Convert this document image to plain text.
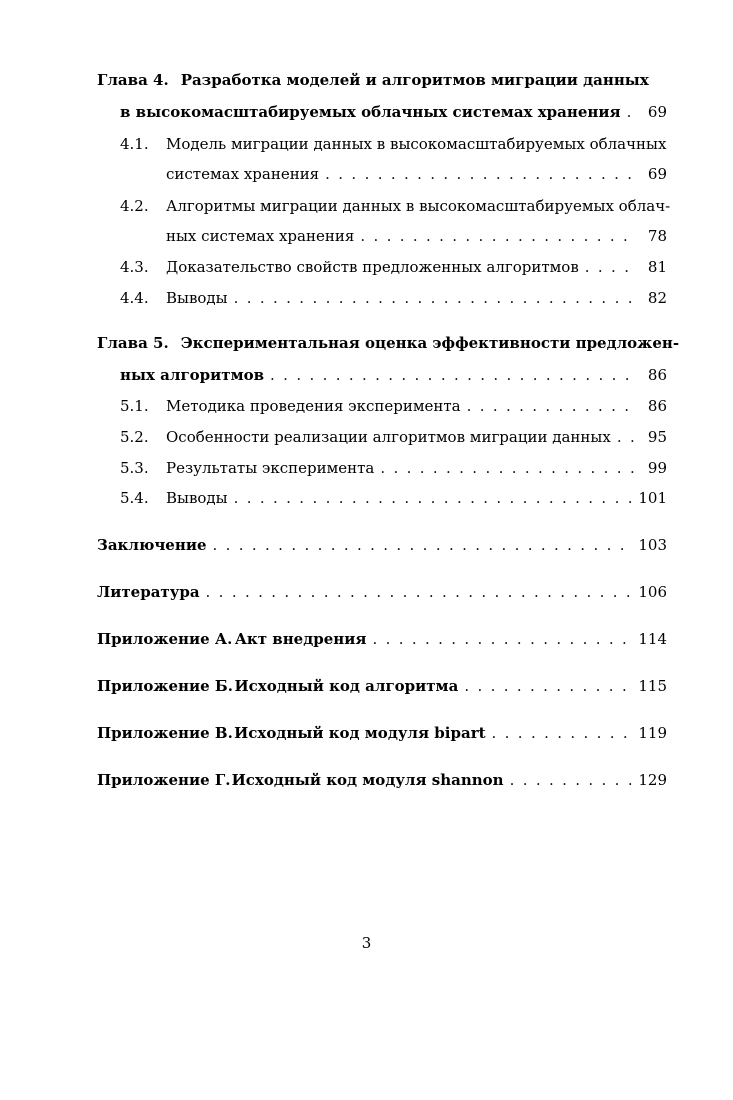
Глава 4. Разработка моделей и алгоритмов миграции данных
в высокомасштабируемых облачных системах хранения . . .	69
4.1. Модель миграции данных в высокомасштабируемых облачных
системах хранения . . .	69
4.2. Алгоритмы миграции данных в высокомасштабируемых облач-
ных системах хранения . . .	78
4.3.	Доказательство свойств предложенных алгоритмов . . .	81
4.4.	Выводы . . .	82
Глава 5. Экспериментальная оценка эффективности предложен-
ных алгоритмов . . .	86
5.1.	Методика проведения эксперимента . . .	86
5.2.	Особенности реализации алгоритмов миграции данных . . .	95
5.3.	Результаты эксперимента . . .	99
5.4.	Выводы . . .	101
Заключение . . .	103
Литература . . .	106
Приложение А. Акт внедрения . . .	114
Приложение Б. Исходный код алгоритма . . .	115
Приложение В. Исходный код модуля bipart . . .	119
Приложение Г. Исходный код модуля shannon . . .	129
3
